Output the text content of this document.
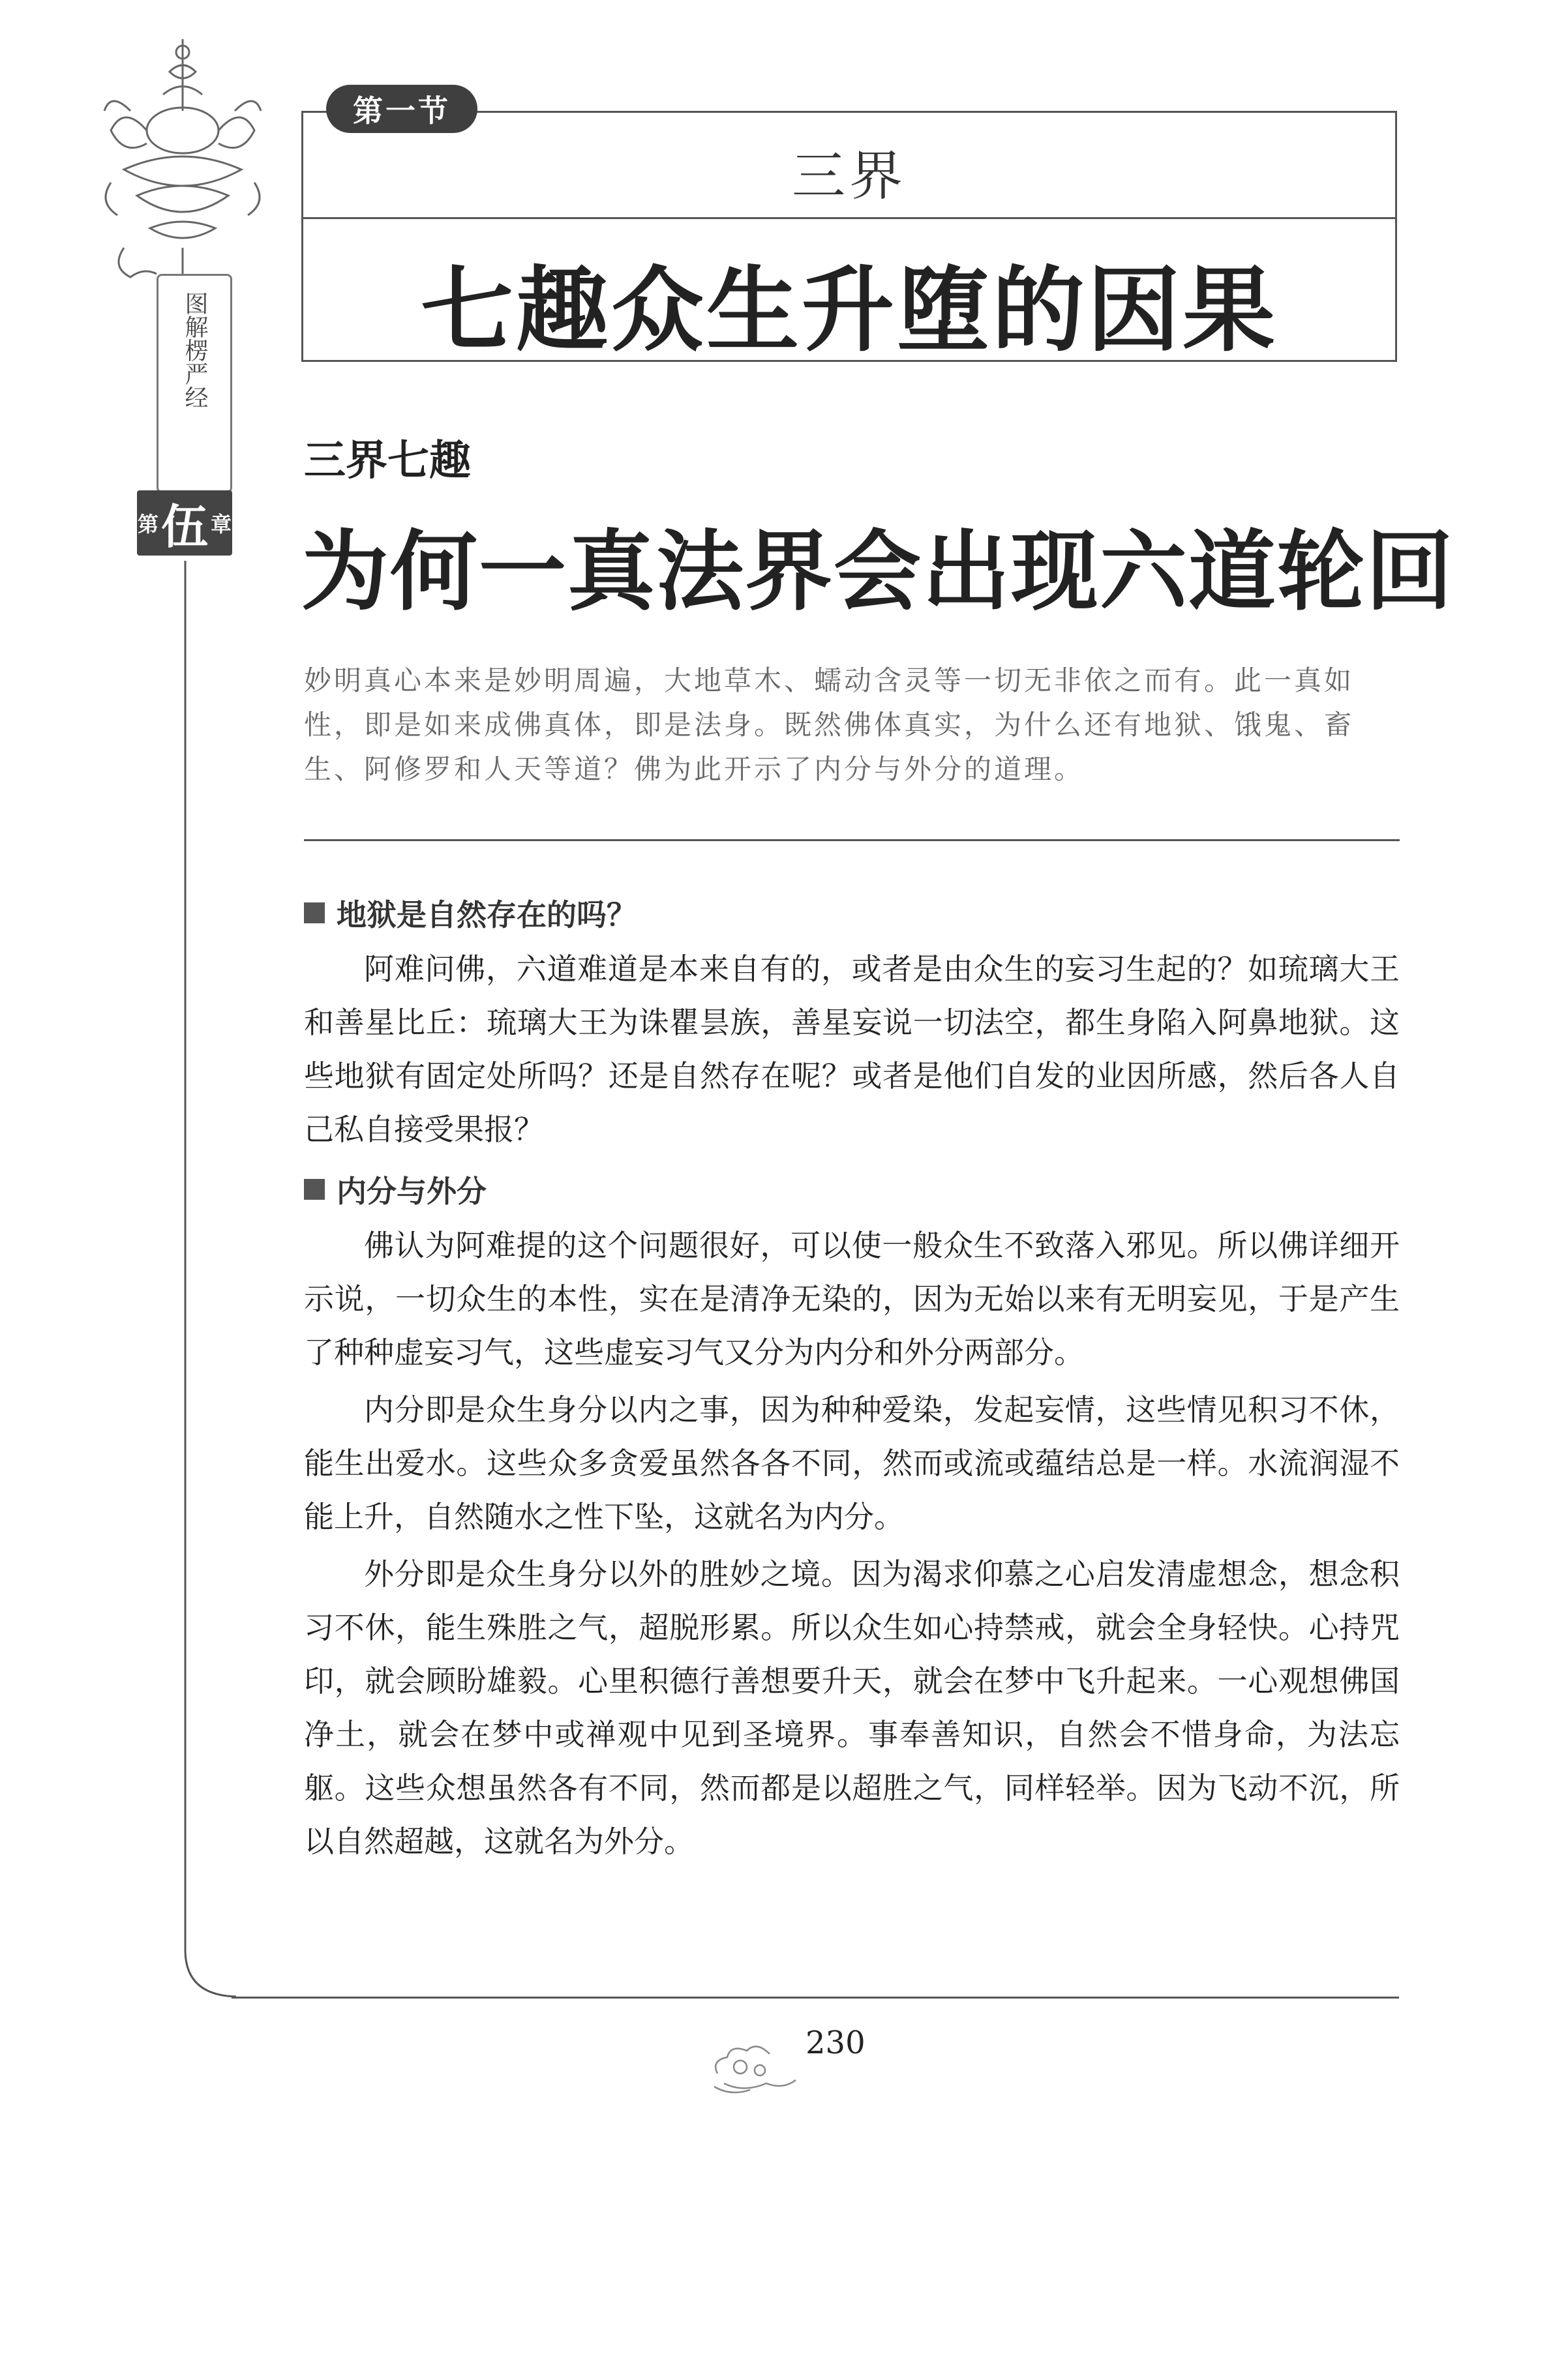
图解楞严经
第 伍 章
第一节
三界
七趣众生升堕的因果
三界七趣
为何一真法界会出现六道轮回
妙明真心本来是妙明周遍，大地草木、蠕动含灵等一切无非依之而有。此一真如性，即是如来成佛真体，即是法身。既然佛体真实，为什么还有地狱、饿鬼、畜生、阿修罗和人天等道？佛为此开示了内分与外分的道理。
地狱是自然存在的吗？

阿难问佛，六道难道是本来自有的，或者是由众生的妄习生起的？如琉璃大王和善星比丘：琉璃大王为诛瞿昙族，善星妄说一切法空，都生身陷入阿鼻地狱。这些地狱有固定处所吗？还是自然存在呢？或者是他们自发的业因所感，然后各人自己私自接受果报？

内分与外分

佛认为阿难提的这个问题很好，可以使一般众生不致落入邪见。所以佛详细开示说，一切众生的本性，实在是清净无染的，因为无始以来有无明妄见，于是产生了种种虚妄习气，这些虚妄习气又分为内分和外分两部分。

内分即是众生身分以内之事，因为种种爱染，发起妄情，这些情见积习不休，能生出爱水。这些众多贪爱虽然各各不同，然而或流或蕴结总是一样。水流润湿不能上升，自然随水之性下坠，这就名为内分。

外分即是众生身分以外的胜妙之境。因为渴求仰慕之心启发清虚想念，想念积习不休，能生殊胜之气，超脱形累。所以众生如心持禁戒，就会全身轻快。心持咒印，就会顾盼雄毅。心里积德行善想要升天，就会在梦中飞升起来。一心观想佛国净土，就会在梦中或禅观中见到圣境界。事奉善知识，自然会不惜身命，为法忘躯。这些众想虽然各有不同，然而都是以超胜之气，同样轻举。因为飞动不沉，所以自然超越，这就名为外分。

230
